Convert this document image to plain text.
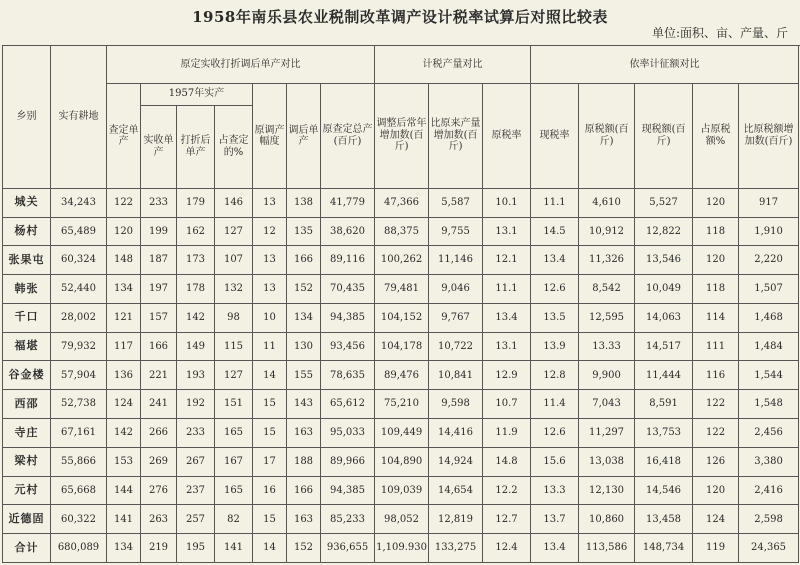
1958年南乐县农业税制改革调产设计税率试算后对照比较表
单位:面积、亩、产量、斤
乡别	实有耕地	原定实收打折调后单产对比							计税产量对比			依率计征额对比				
		查定单产	1957年实产			原调产幅度	调后单产	原查定总产(百斤)	调整后常年增加数(百斤)	比原来产量增加数(百斤)	原税率	现税率	原税额(百斤)	现税额(百斤)	占原税额%	比原税额增加数(百斤)
			实收单产	打折后单产	占查定的%											
城关	34,243	122	233	179	146	13	138	41,779	47,366	5,587	10.1	11.1	4,610	5,527	120	917
杨村	65,489	120	199	162	127	12	135	38,620	88,375	9,755	13.1	14.5	10,912	12,822	118	1,910
张果屯	60,324	148	187	173	107	13	166	89,116	100,262	11,146	12.1	13.4	11,326	13,546	120	2,220
韩张	52,440	134	197	178	132	13	152	70,435	79,481	9,046	11.1	12.6	8,542	10,049	118	1,507
千口	28,002	121	157	142	98	10	134	94,385	104,152	9,767	13.4	13.5	12,595	14,063	114	1,468
福堪	79,932	117	166	149	115	11	130	93,456	104,178	10,722	13.1	13.9	13.33	14,517	111	1,484
谷金楼	57,904	136	221	193	127	14	155	78,635	89,476	10,841	12.9	12.8	9,900	11,444	116	1,544
西邵	52,738	124	241	192	151	15	143	65,612	75,210	9,598	10.7	11.4	7,043	8,591	122	1,548
寺庄	67,161	142	266	233	165	15	163	95,033	109,449	14,416	11.9	12.6	11,297	13,753	122	2,456
梁村	55,866	153	269	267	167	17	188	89,966	104,890	14,924	14.8	15.6	13,038	16,418	126	3,380
元村	65,668	144	276	237	165	16	166	94,385	109,039	14,654	12.2	13.3	12,130	14,546	120	2,416
近德固	60,322	141	263	257	82	15	163	85,233	98,052	12,819	12.7	13.7	10,860	13,458	124	2,598
合计	680,089	134	219	195	141	14	152	936,655	1,109.930	133,275	12.4	13.4	113,586	148,734	119	24,365
